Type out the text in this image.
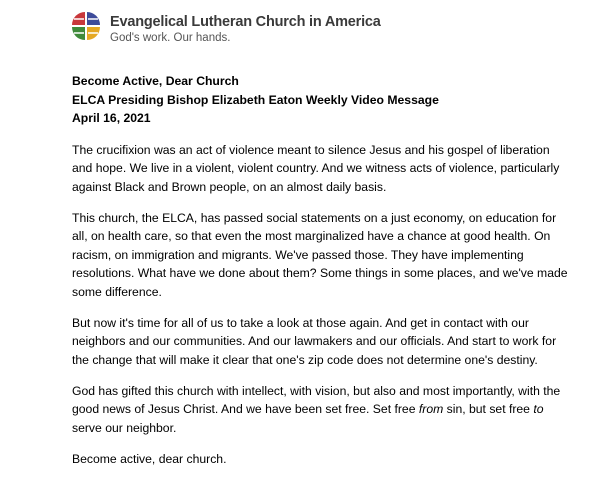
Evangelical Lutheran Church in America
God's work. Our hands.
Become Active, Dear Church
ELCA Presiding Bishop Elizabeth Eaton Weekly Video Message
April 16, 2021

The crucifixion was an act of violence meant to silence Jesus and his gospel of liberation and hope. We live in a violent, violent country. And we witness acts of violence, particularly against Black and Brown people, on an almost daily basis.

This church, the ELCA, has passed social statements on a just economy, on education for all, on health care, so that even the most marginalized have a chance at good health. On racism, on immigration and migrants. We've passed those. They have implementing resolutions. What have we done about them? Some things in some places, and we've made some difference.

But now it's time for all of us to take a look at those again. And get in contact with our neighbors and our communities. And our lawmakers and our officials. And start to work for the change that will make it clear that one's zip code does not determine one's destiny.

God has gifted this church with intellect, with vision, but also and most importantly, with the good news of Jesus Christ. And we have been set free. Set free from sin, but set free to serve our neighbor.

Become active, dear church.
